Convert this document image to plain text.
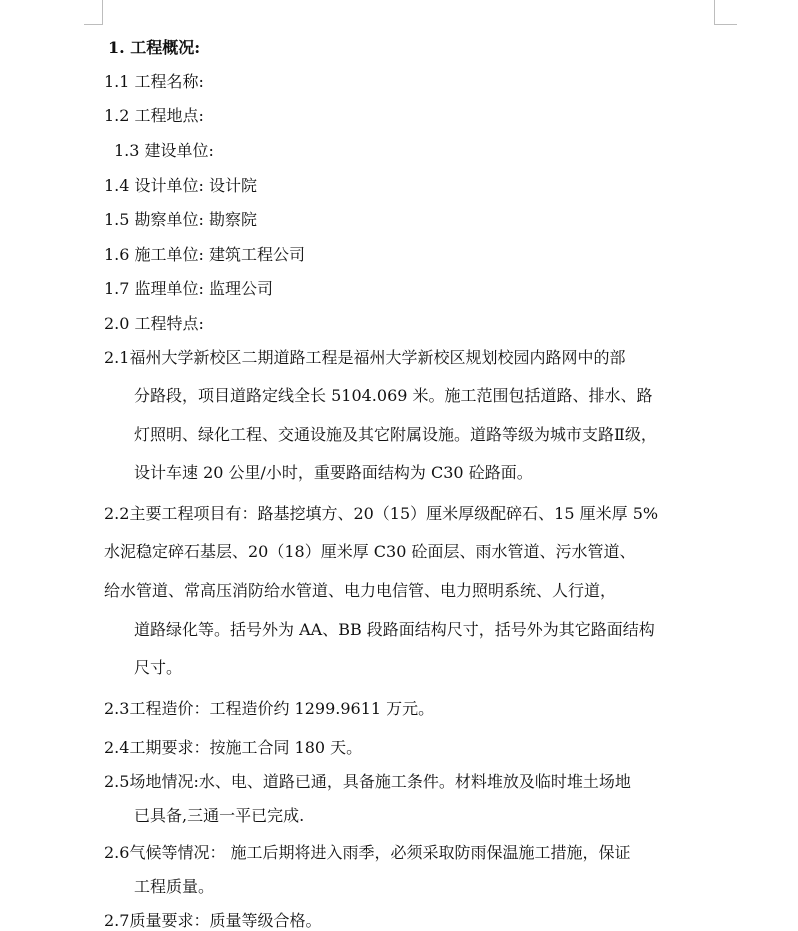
1. 工程概况:
1.1 工程名称:
1.2 工程地点:
1.3 建设单位:
1.4 设计单位: 设计院
1.5 勘察单位: 勘察院
1.6 施工单位: 建筑工程公司
1.7 监理单位: 监理公司
2.0 工程特点:
2.1福州大学新校区二期道路工程是福州大学新校区规划校园内路网中的部
分路段，项目道路定线全长 5104.069 米。施工范围包括道路、排水、路
灯照明、绿化工程、交通设施及其它附属设施。道路等级为城市支路Ⅱ级，
设计车速 20 公里/小时，重要路面结构为 C30 砼路面。
2.2主要工程项目有：路基挖填方、20（15）厘米厚级配碎石、15 厘米厚 5%
水泥稳定碎石基层、20（18）厘米厚 C30 砼面层、雨水管道、污水管道、
给水管道、常高压消防给水管道、电力电信管、电力照明系统、人行道，
道路绿化等。括号外为 AA、BB 段路面结构尺寸，括号外为其它路面结构
尺寸。
2.3工程造价：工程造价约 1299.9611 万元。
2.4工期要求：按施工合同 180 天。
2.5场地情况:水、电、道路已通，具备施工条件。材料堆放及临时堆土场地
已具备,三通一平已完成.
2.6气候等情况： 施工后期将进入雨季，必须采取防雨保温施工措施，保证
工程质量。
2.7质量要求：质量等级合格。
